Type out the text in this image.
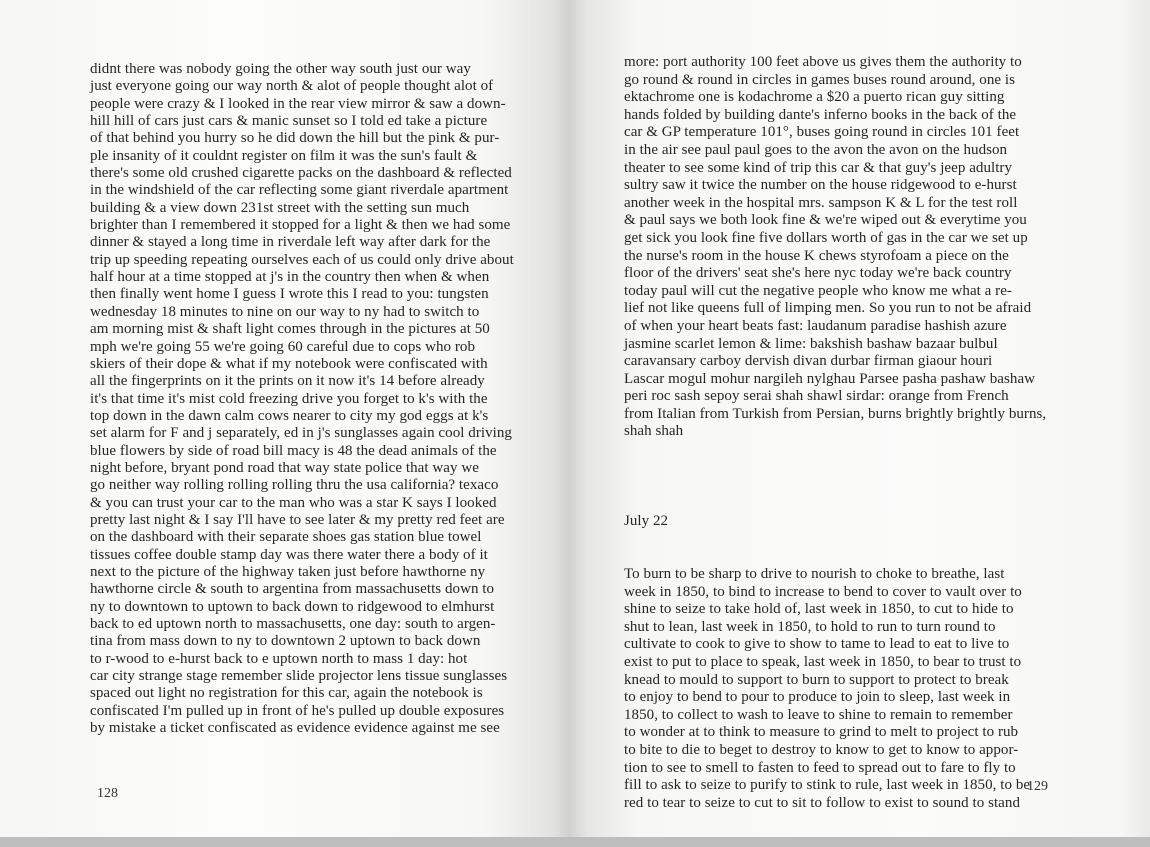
didnt there was nobody going the other way south just our way
just everyone going our way north & alot of people thought alot of
people were crazy & I looked in the rear view mirror & saw a down-
hill hill of cars just cars & manic sunset so I told ed take a picture
of that behind you hurry so he did down the hill but the pink & pur-
ple insanity of it couldnt register on film it was the sun's fault &
there's some old crushed cigarette packs on the dashboard & reflected
in the windshield of the car reflecting some giant riverdale apartment
building & a view down 231st street with the setting sun much
brighter than I remembered it stopped for a light & then we had some
dinner & stayed a long time in riverdale left way after dark for the
trip up speeding repeating ourselves each of us could only drive about
half hour at a time stopped at j's in the country then when & when
then finally went home I guess I wrote this I read to you: tungsten
wednesday 18 minutes to nine on our way to ny had to switch to
am morning mist & shaft light comes through in the pictures at 50
mph we're going 55 we're going 60 careful due to cops who rob
skiers of their dope & what if my notebook were confiscated with
all the fingerprints on it the prints on it now it's 14 before already
it's that time it's mist cold freezing drive you forget to k's with the
top down in the dawn calm cows nearer to city my god eggs at k's
set alarm for F and j separately, ed in j's sunglasses again cool driving
blue flowers by side of road bill macy is 48 the dead animals of the
night before, bryant pond road that way state police that way we
go neither way rolling rolling rolling thru the usa california? texaco
& you can trust your car to the man who was a star K says I looked
pretty last night & I say I'll have to see later & my pretty red feet are
on the dashboard with their separate shoes gas station blue towel
tissues coffee double stamp day was there water there a body of it
next to the picture of the highway taken just before hawthorne ny
hawthorne circle & south to argentina from massachusetts down to
ny to downtown to uptown to back down to ridgewood to elmhurst
back to ed uptown north to massachusetts, one day: south to argen-
tina from mass down to ny to downtown 2 uptown to back down
to r-wood to e-hurst back to e uptown north to mass 1 day: hot
car city strange stage remember slide projector lens tissue sunglasses
spaced out light no registration for this car, again the notebook is
confiscated I'm pulled up in front of he's pulled up double exposures
by mistake a ticket confiscated as evidence evidence against me see
128
more: port authority 100 feet above us gives them the authority to
go round & round in circles in games buses round around, one is
ektachrome one is kodachrome a $20 a puerto rican guy sitting
hands folded by building dante's inferno books in the back of the
car & GP temperature 101°, buses going round in circles 101 feet
in the air see paul paul goes to the avon the avon on the hudson
theater to see some kind of trip this car & that guy's jeep adultry
sultry saw it twice the number on the house ridgewood to e-hurst
another week in the hospital mrs. sampson K & L for the test roll
& paul says we both look fine & we're wiped out & everytime you
get sick you look fine five dollars worth of gas in the car we set up
the nurse's room in the house K chews styrofoam a piece on the
floor of the drivers' seat she's here nyc today we're back country
today paul will cut the negative people who know me what a re-
lief not like queens full of limping men. So you run to not be afraid
of when your heart beats fast: laudanum paradise hashish azure
jasmine scarlet lemon & lime: bakshish bashaw bazaar bulbul
caravansary carboy dervish divan durbar firman giaour houri
Lascar mogul mohur nargileh nylghau Parsee pasha pashaw bashaw
peri roc sash sepoy serai shah shawl sirdar: orange from French
from Italian from Turkish from Persian, burns brightly brightly burns,
shah shah

July 22

To burn to be sharp to drive to nourish to choke to breathe, last
week in 1850, to bind to increase to bend to cover to vault over to
shine to seize to take hold of, last week in 1850, to cut to hide to
shut to lean, last week in 1850, to hold to run to turn round to
cultivate to cook to give to show to tame to lead to eat to live to
exist to put to place to speak, last week in 1850, to bear to trust to
knead to mould to support to burn to support to protect to break
to enjoy to bend to pour to produce to join to sleep, last week in
1850, to collect to wash to leave to shine to remain to remember
to wonder at to think to measure to grind to melt to project to rub
to bite to die to beget to destroy to know to get to know to appor-
tion to see to smell to fasten to feed to spread out to fare to fly to
fill to ask to seize to purify to stink to rule, last week in 1850, to be
red to tear to seize to cut to sit to follow to exist to sound to stand

129
